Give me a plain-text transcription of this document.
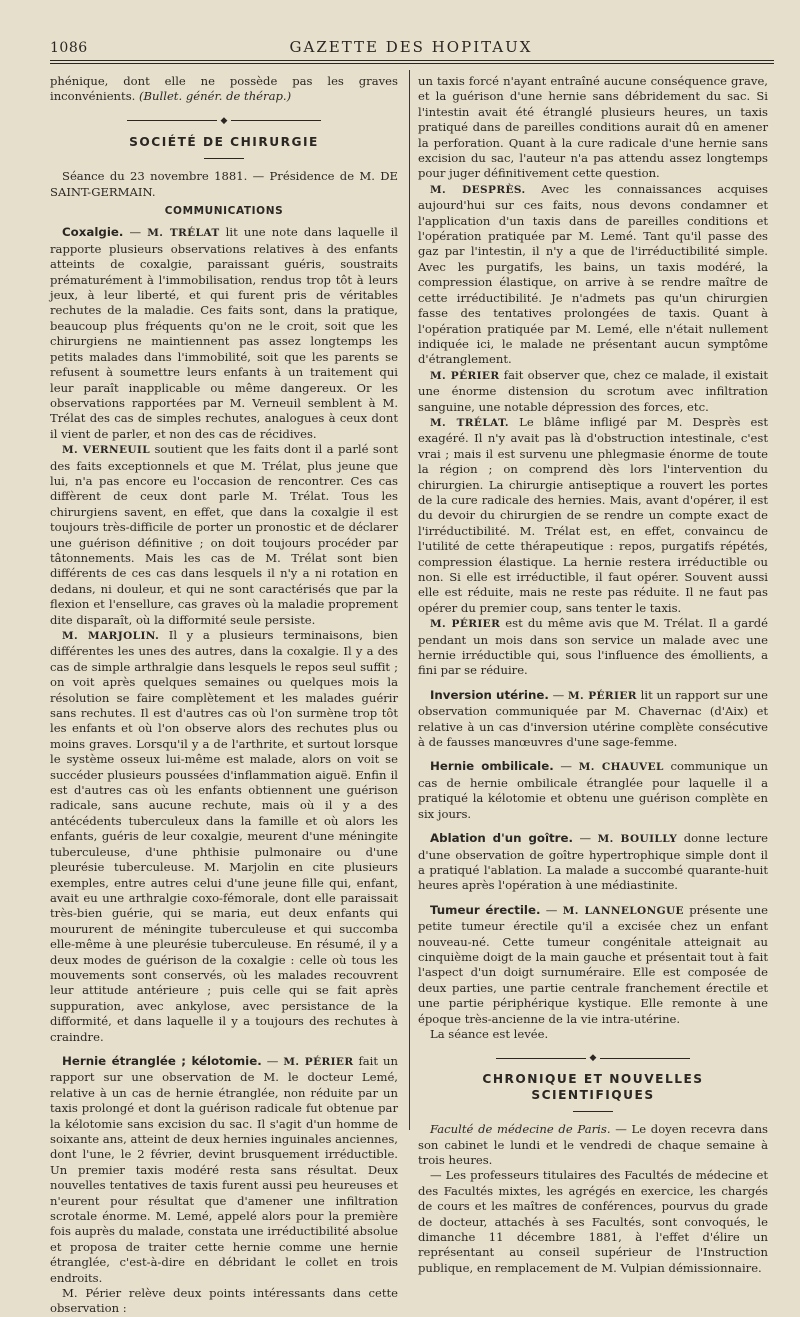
1086	GAZETTE DES HOPITAUX

phénique, dont elle ne possède pas les graves inconvénients. (Bullet. génér. de thérap.)

◆
SOCIÉTÉ DE CHIRURGIE

Séance du 23 novembre 1881. — Présidence de M. DE SAINT-GERMAIN.

COMMUNICATIONS

Coxalgie. — M. TRÉLAT lit une note dans laquelle il rapporte plusieurs observations relatives à des enfants atteints de coxalgie, paraissant guéris, soustraits prématurément à l'immobilisation, rendus trop tôt à leurs jeux, à leur liberté, et qui furent pris de véritables rechutes de la maladie. Ces faits sont, dans la pratique, beaucoup plus fréquents qu'on ne le croit, soit que les chirurgiens ne maintiennent pas assez longtemps les petits malades dans l'immobilité, soit que les parents se refusent à soumettre leurs enfants à un traitement qui leur paraît inapplicable ou même dangereux. Or les observations rapportées par M. Verneuil semblent à M. Trélat des cas de simples rechutes, analogues à ceux dont il vient de parler, et non des cas de récidives.

M. VERNEUIL soutient que les faits dont il a parlé sont des faits exceptionnels et que M. Trélat, plus jeune que lui, n'a pas encore eu l'occasion de rencontrer. Ces cas diffèrent de ceux dont parle M. Trélat. Tous les chirurgiens savent, en effet, que dans la coxalgie il est toujours très-difficile de porter un pronostic et de déclarer une guérison définitive ; on doit toujours procéder par tâtonnements. Mais les cas de M. Trélat sont bien différents de ces cas dans lesquels il n'y a ni rotation en dedans, ni douleur, et qui ne sont caractérisés que par la flexion et l'ensellure, cas graves où la maladie proprement dite disparaît, où la difformité seule persiste.

M. MARJOLIN. Il y a plusieurs terminaisons, bien différentes les unes des autres, dans la coxalgie. Il y a des cas de simple arthralgie dans lesquels le repos seul suffit ; on voit après quelques semaines ou quelques mois la résolution se faire complètement et les malades guérir sans rechutes. Il est d'autres cas où l'on surmène trop tôt les enfants et où l'on observe alors des rechutes plus ou moins graves. Lorsqu'il y a de l'arthrite, et surtout lorsque le système osseux lui-même est malade, alors on voit se succéder plusieurs poussées d'inflammation aiguë. Enfin il est d'autres cas où les enfants obtiennent une guérison radicale, sans aucune rechute, mais où il y a des antécédents tuberculeux dans la famille et où alors les enfants, guéris de leur coxalgie, meurent d'une méningite tuberculeuse, d'une phthisie pulmonaire ou d'une pleurésie tuberculeuse. M. Marjolin en cite plusieurs exemples, entre autres celui d'une jeune fille qui, enfant, avait eu une arthralgie coxo-fémorale, dont elle paraissait très-bien guérie, qui se maria, eut deux enfants qui moururent de méningite tuberculeuse et qui succomba elle-même à une pleurésie tuberculeuse. En résumé, il y a deux modes de guérison de la coxalgie : celle où tous les mouvements sont conservés, où les malades recouvrent leur attitude antérieure ; puis celle qui se fait après suppuration, avec ankylose, avec persistance de la difformité, et dans laquelle il y a toujours des rechutes à craindre.

Hernie étranglée ; kélotomie. — M. PÉRIER fait un rapport sur une observation de M. le docteur Lemé, relative à un cas de hernie étranglée, non réduite par un taxis prolongé et dont la guérison radicale fut obtenue par la kélotomie sans excision du sac. Il s'agit d'un homme de soixante ans, atteint de deux hernies inguinales anciennes, dont l'une, le 2 février, devint brusquement irréductible. Un premier taxis modéré resta sans résultat. Deux nouvelles tentatives de taxis furent aussi peu heureuses et n'eurent pour résultat que d'amener une infiltration scrotale énorme. M. Lemé, appelé alors pour la première fois auprès du malade, constata une irréductibilité absolue et proposa de traiter cette hernie comme une hernie étranglée, c'est-à-dire en débridant le collet en trois endroits.

M. Périer relève deux points intéressants dans cette observation :

un taxis forcé n'ayant entraîné aucune conséquence grave, et la guérison d'une hernie sans débridement du sac. Si l'intestin avait été étranglé plusieurs heures, un taxis pratiqué dans de pareilles conditions aurait dû en amener la perforation. Quant à la cure radicale d'une hernie sans excision du sac, l'auteur n'a pas attendu assez longtemps pour juger définitivement cette question.

M. DESPRÈS. Avec les connaissances acquises aujourd'hui sur ces faits, nous devons condamner et l'application d'un taxis dans de pareilles conditions et l'opération pratiquée par M. Lemé. Tant qu'il passe des gaz par l'intestin, il n'y a que de l'irréductibilité simple. Avec les purgatifs, les bains, un taxis modéré, la compression élastique, on arrive à se rendre maître de cette irréductibilité. Je n'admets pas qu'un chirurgien fasse des tentatives prolongées de taxis. Quant à l'opération pratiquée par M. Lemé, elle n'était nullement indiquée ici, le malade ne présentant aucun symptôme d'étranglement.

M. PÉRIER fait observer que, chez ce malade, il existait une énorme distension du scrotum avec infiltration sanguine, une notable dépression des forces, etc.

M. TRÉLAT. Le blâme infligé par M. Desprès est exagéré. Il n'y avait pas là d'obstruction intestinale, c'est vrai ; mais il est survenu une phlegmasie énorme de toute la région ; on comprend dès lors l'intervention du chirurgien. La chirurgie antiseptique a rouvert les portes de la cure radicale des hernies. Mais, avant d'opérer, il est du devoir du chirurgien de se rendre un compte exact de l'irréductibilité. M. Trélat est, en effet, convaincu de l'utilité de cette thérapeutique : repos, purgatifs répétés, compression élastique. La hernie restera irréductible ou non. Si elle est irréductible, il faut opérer. Souvent aussi elle est réduite, mais ne reste pas réduite. Il ne faut pas opérer du premier coup, sans tenter le taxis.

M. PÉRIER est du même avis que M. Trélat. Il a gardé pendant un mois dans son service un malade avec une hernie irréductible qui, sous l'influence des émollients, a fini par se réduire.

Inversion utérine. — M. PÉRIER lit un rapport sur une observation communiquée par M. Chavernac (d'Aix) et relative à un cas d'inversion utérine complète consécutive à de fausses manœuvres d'une sage-femme.

Hernie ombilicale. — M. CHAUVEL communique un cas de hernie ombilicale étranglée pour laquelle il a pratiqué la kélotomie et obtenu une guérison complète en six jours.

Ablation d'un goître. — M. BOUILLY donne lecture d'une observation de goître hypertrophique simple dont il a pratiqué l'ablation. La malade a succombé quarante-huit heures après l'opération à une médiastinite.

Tumeur érectile. — M. LANNELONGUE présente une petite tumeur érectile qu'il a excisée chez un enfant nouveau-né. Cette tumeur congénitale atteignait au cinquième doigt de la main gauche et présentait tout à fait l'aspect d'un doigt surnuméraire. Elle est composée de deux parties, une partie centrale franchement érectile et une partie périphérique kystique. Elle remonte à une époque très-ancienne de la vie intra-utérine.

La séance est levée.

◆
CHRONIQUE ET NOUVELLES SCIENTIFIQUES

Faculté de médecine de Paris. — Le doyen recevra dans son cabinet le lundi et le vendredi de chaque semaine à trois heures.

— Les professeurs titulaires des Facultés de médecine et des Facultés mixtes, les agrégés en exercice, les chargés de cours et les maîtres de conférences, pourvus du grade de docteur, attachés à ses Facultés, sont convoqués, le dimanche 11 décembre 1881, à l'effet d'élire un représentant au conseil supérieur de l'Instruction publique, en remplacement de M. Vulpian démissionnaire.
